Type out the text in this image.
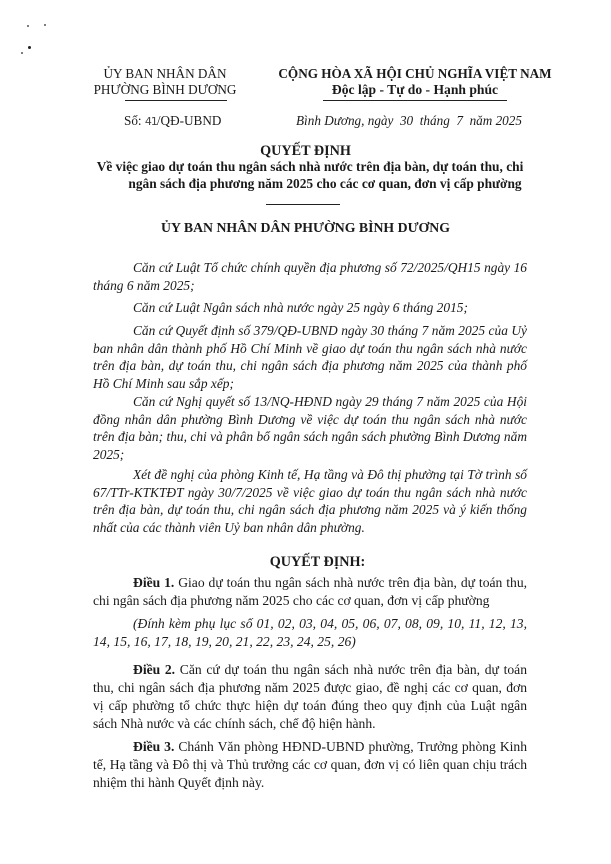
ỦY BAN NHÂN DÂN
PHƯỜNG BÌNH DƯƠNG
CỘNG HÒA XÃ HỘI CHỦ NGHĨA VIỆT NAM
Độc lập - Tự do - Hạnh phúc
Số: 41/QĐ-UBND	Bình Dương, ngày  30  tháng  7  năm 2025
QUYẾT ĐỊNH
Về việc giao dự toán thu ngân sách nhà nước trên địa bàn, dự toán thu, chi
ngân sách địa phương năm 2025 cho các cơ quan, đơn vị cấp phường
ỦY BAN NHÂN DÂN PHƯỜNG BÌNH DƯƠNG
Căn cứ Luật Tổ chức chính quyền địa phương số 72/2025/QH15 ngày 16 tháng 6 năm 2025;
Căn cứ Luật Ngân sách nhà nước ngày 25 ngày 6 tháng 2015;
Căn cứ Quyết định số 379/QĐ-UBND ngày 30 tháng 7 năm 2025 của Uỷ ban nhân dân thành phố Hồ Chí Minh về giao dự toán thu ngân sách nhà nước trên địa bàn, dự toán thu, chi ngân sách địa phương năm 2025 của thành phố Hồ Chí Minh sau sắp xếp;
Căn cứ Nghị quyết số 13/NQ-HĐND ngày 29 tháng 7 năm 2025 của Hội đồng nhân dân phường Bình Dương về việc dự toán thu ngân sách nhà nước trên địa bàn; thu, chi và phân bổ ngân sách ngân sách phường Bình Dương năm 2025;
Xét đề nghị của phòng Kinh tế, Hạ tầng và Đô thị phường tại Tờ trình số 67/TTr-KTKTĐT ngày 30/7/2025 về việc giao dự toán thu ngân sách nhà nước trên địa bàn, dự toán thu, chi ngân sách địa phương năm 2025 và ý kiến thống nhất của các thành viên Uỷ ban nhân dân phường.
QUYẾT ĐỊNH:
Điều 1. Giao dự toán thu ngân sách nhà nước trên địa bàn, dự toán thu, chi ngân sách địa phương năm 2025 cho các cơ quan, đơn vị cấp phường
(Đính kèm phụ lục số 01, 02, 03, 04, 05, 06, 07, 08, 09, 10, 11, 12, 13, 14, 15, 16, 17, 18, 19, 20, 21, 22, 23, 24, 25, 26)
Điều 2. Căn cứ dự toán thu ngân sách nhà nước trên địa bàn, dự toán thu, chi ngân sách địa phương năm 2025 được giao, đề nghị các cơ quan, đơn vị cấp phường tổ chức thực hiện dự toán đúng theo quy định của Luật ngân sách Nhà nước và các chính sách, chế độ hiện hành.
Điều 3. Chánh Văn phòng HĐND-UBND phường, Trưởng phòng Kinh tế, Hạ tầng và Đô thị và Thủ trưởng các cơ quan, đơn vị có liên quan chịu trách nhiệm thi hành Quyết định này.
